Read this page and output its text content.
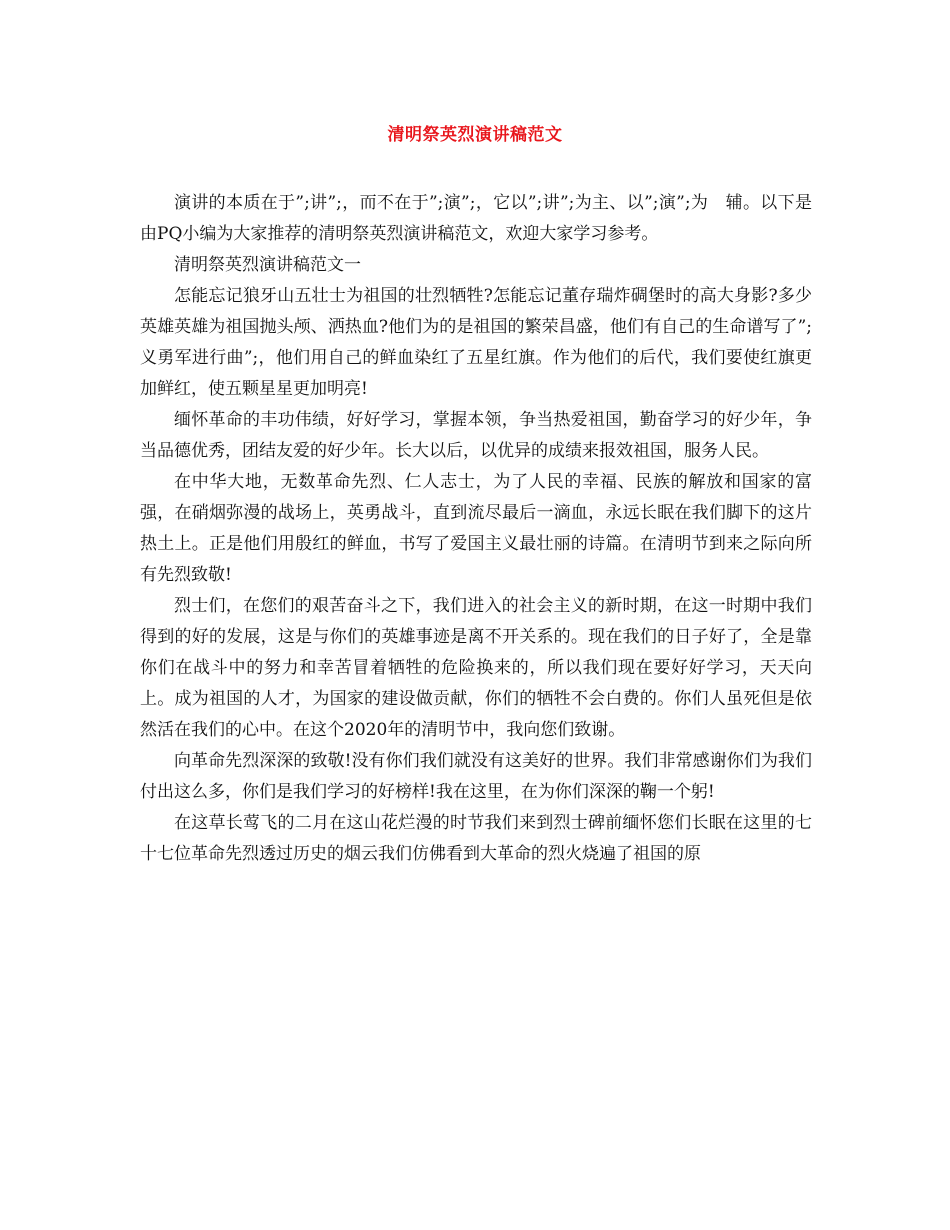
清明祭英烈演讲稿范文

演讲的本质在于”;讲”;，而不在于”;演”;，它以”;讲”;为主、以”;演”;为　辅。以下是由PQ小编为大家推荐的清明祭英烈演讲稿范文，欢迎大家学习参考。

清明祭英烈演讲稿范文一

怎能忘记狼牙山五壮士为祖国的壮烈牺牲?怎能忘记董存瑞炸碉堡时的高大身影?多少英雄英雄为祖国抛头颅、洒热血?他们为的是祖国的繁荣昌盛，他们有自己的生命谱写了”;义勇军进行曲”;，他们用自己的鲜血染红了五星红旗。作为他们的后代，我们要使红旗更加鲜红，使五颗星星更加明亮!

缅怀革命的丰功伟绩，好好学习，掌握本领，争当热爱祖国，勤奋学习的好少年，争当品德优秀，团结友爱的好少年。长大以后，以优异的成绩来报效祖国，服务人民。

在中华大地，无数革命先烈、仁人志士，为了人民的幸福、民族的解放和国家的富强，在硝烟弥漫的战场上，英勇战斗，直到流尽最后一滴血，永远长眠在我们脚下的这片热土上。正是他们用殷红的鲜血，书写了爱国主义最壮丽的诗篇。在清明节到来之际向所有先烈致敬!

烈士们，在您们的艰苦奋斗之下，我们进入的社会主义的新时期，在这一时期中我们得到的好的发展，这是与你们的英雄事迹是离不开关系的。现在我们的日子好了，全是靠你们在战斗中的努力和幸苦冒着牺牲的危险换来的，所以我们现在要好好学习，天天向上。成为祖国的人才，为国家的建设做贡献，你们的牺牲不会白费的。你们人虽死但是依然活在我们的心中。在这个2020年的清明节中，我向您们致谢。

向革命先烈深深的致敬!没有你们我们就没有这美好的世界。我们非常感谢你们为我们付出这么多，你们是我们学习的好榜样!我在这里，在为你们深深的鞠一个躬!

在这草长莺飞的二月在这山花烂漫的时节我们来到烈士碑前缅怀您们长眠在这里的七十七位革命先烈透过历史的烟云我们仿佛看到大革命的烈火烧遍了祖国的原
